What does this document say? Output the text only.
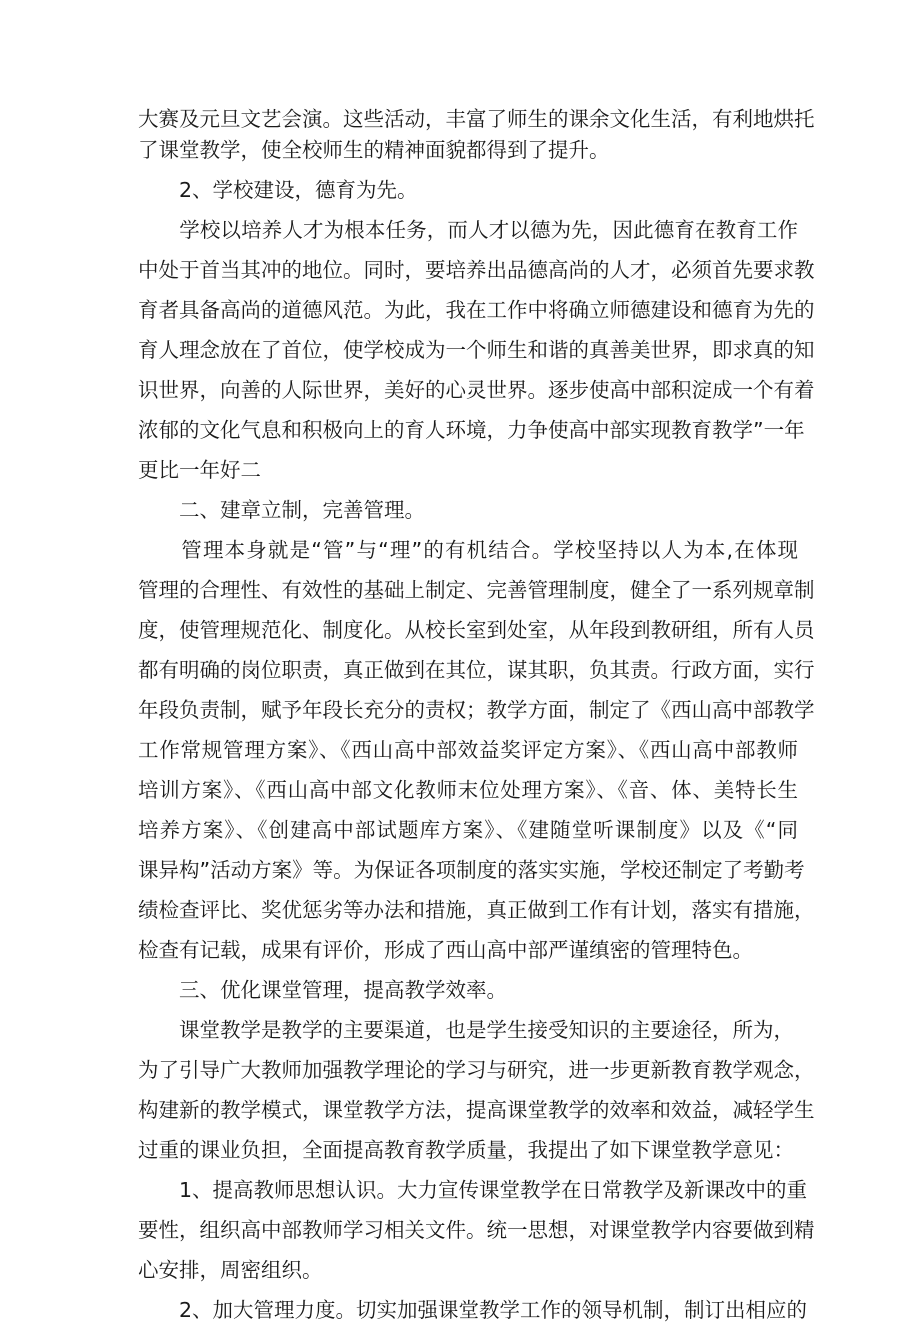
大赛及元旦文艺会演。这些活动，丰富了师生的课余文化生活，有利地烘托
了课堂教学，使全校师生的精神面貌都得到了提升。
　　2、学校建设，德育为先。
　　学校以培养人才为根本任务，而人才以德为先，因此德育在教育工作
中处于首当其冲的地位。同时，要培养出品德高尚的人才，必须首先要求教
育者具备高尚的道德风范。为此，我在工作中将确立师德建设和德育为先的
育人理念放在了首位，使学校成为一个师生和谐的真善美世界，即求真的知
识世界，向善的人际世界，美好的心灵世界。逐步使高中部积淀成一个有着
浓郁的文化气息和积极向上的育人环境，力争使高中部实现教育教学”一年
更比一年好二
　　二、建章立制，完善管理。
　　管理本身就是“管”与“理”的有机结合。学校坚持以人为本,在体现
管理的合理性、有效性的基础上制定、完善管理制度，健全了一系列规章制
度，使管理规范化、制度化。从校长室到处室，从年段到教研组，所有人员
都有明确的岗位职责，真正做到在其位，谋其职，负其责。行政方面，实行
年段负责制，赋予年段长充分的责权；教学方面，制定了《西山高中部教学
工作常规管理方案》、《西山高中部效益奖评定方案》、《西山高中部教师
培训方案》、《西山高中部文化教师末位处理方案》、《音、体、美特长生
培养方案》、《创建高中部试题库方案》、《建随堂听课制度》以及《“同
课异构”活动方案》等。为保证各项制度的落实实施，学校还制定了考勤考
绩检查评比、奖优惩劣等办法和措施，真正做到工作有计划，落实有措施，
检查有记载，成果有评价，形成了西山高中部严谨缜密的管理特色。
　　三、优化课堂管理，提高教学效率。
　　课堂教学是教学的主要渠道，也是学生接受知识的主要途径，所为，
为了引导广大教师加强教学理论的学习与研究，进一步更新教育教学观念，
构建新的教学模式，课堂教学方法，提高课堂教学的效率和效益，减轻学生
过重的课业负担，全面提高教育教学质量，我提出了如下课堂教学意见：
　　1、提高教师思想认识。大力宣传课堂教学在日常教学及新课改中的重
要性，组织高中部教师学习相关文件。统一思想，对课堂教学内容要做到精
心安排，周密组织。
　　2、加大管理力度。切实加强课堂教学工作的领导机制，制订出相应的
